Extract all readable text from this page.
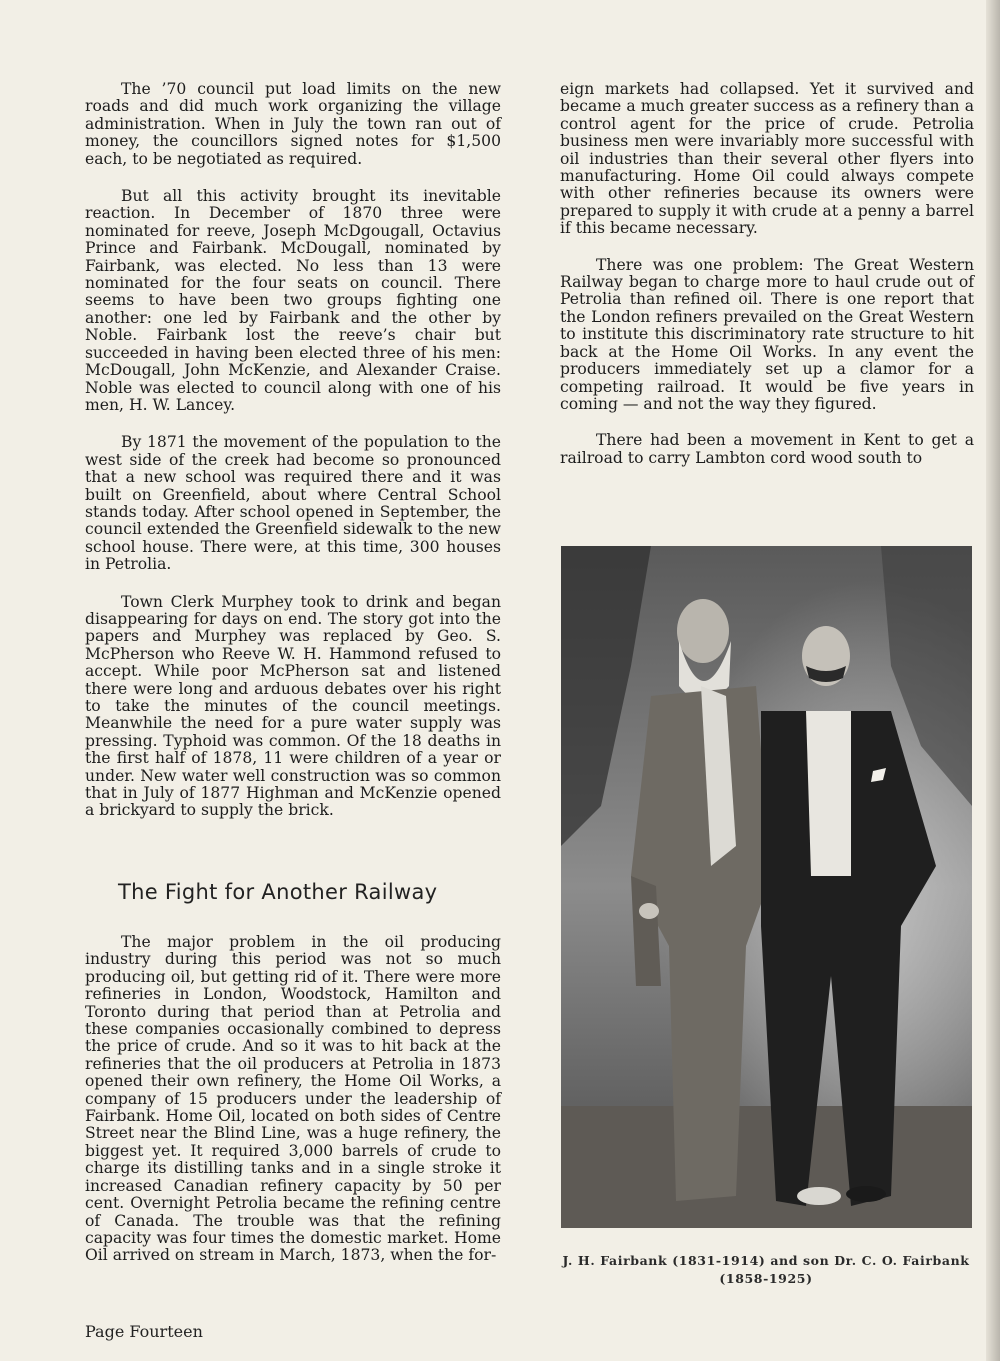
The ’70 council put load limits on the new roads and did much work organizing the village administration. When in July the town ran out of money, the councillors signed notes for $1,500 each, to be negotiated as required.

But all this activity brought its inevitable reaction. In December of 1870 three were nominated for reeve, Joseph McDgougall, Octavius Prince and Fairbank. McDougall, nominated by Fairbank, was elected. No less than 13 were nominated for the four seats on council. There seems to have been two groups fighting one another: one led by Fairbank and the other by Noble. Fairbank lost the reeve’s chair but succeeded in having been elected three of his men: McDougall, John McKenzie, and Alexander Craise. Noble was elected to council along with one of his men, H. W. Lancey.

By 1871 the movement of the population to the west side of the creek had become so pronounced that a new school was required there and it was built on Greenfield, about where Central School stands today. After school opened in September, the council extended the Greenfield sidewalk to the new school house. There were, at this time, 300 houses in Petrolia.

Town Clerk Murphey took to drink and began disappearing for days on end. The story got into the papers and Murphey was replaced by Geo. S. McPherson who Reeve W. H. Hammond refused to accept. While poor McPherson sat and listened there were long and arduous debates over his right to take the minutes of the council meetings. Meanwhile the need for a pure water supply was pressing. Typhoid was common. Of the 18 deaths in the first half of 1878, 11 were children of a year or under. New water well construction was so common that in July of 1877 Highman and McKenzie opened a brickyard to supply the brick.

The Fight for Another Railway

The major problem in the oil producing industry during this period was not so much producing oil, but getting rid of it. There were more refineries in London, Woodstock, Hamilton and Toronto during that period than at Petrolia and these companies occasionally combined to depress the price of crude. And so it was to hit back at the refineries that the oil producers at Petrolia in 1873 opened their own refinery, the Home Oil Works, a company of 15 producers under the leadership of Fairbank. Home Oil, located on both sides of Centre Street near the Blind Line, was a huge refinery, the biggest yet. It required 3,000 barrels of crude to charge its distilling tanks and in a single stroke it increased Canadian refinery capacity by 50 per cent. Overnight Petrolia became the refining centre of Canada. The trouble was that the refining capacity was four times the domestic market. Home Oil arrived on stream in March, 1873, when the for-

eign markets had collapsed. Yet it survived and became a much greater success as a refinery than a control agent for the price of crude. Petrolia business men were invariably more successful with oil industries than their several other flyers into manufacturing. Home Oil could always compete with other refineries because its owners were prepared to supply it with crude at a penny a barrel if this became necessary.

There was one problem: The Great Western Railway began to charge more to haul crude out of Petrolia than refined oil. There is one report that the London refiners prevailed on the Great Western to institute this discriminatory rate structure to hit back at the Home Oil Works. In any event the producers immediately set up a clamor for a competing railroad. It would be five years in coming — and not the way they figured.

There had been a movement in Kent to get a railroad to carry Lambton cord wood south to

J. H. Fairbank (1831-1914) and son Dr. C. O. Fairbank (1858-1925)
Page Fourteen
